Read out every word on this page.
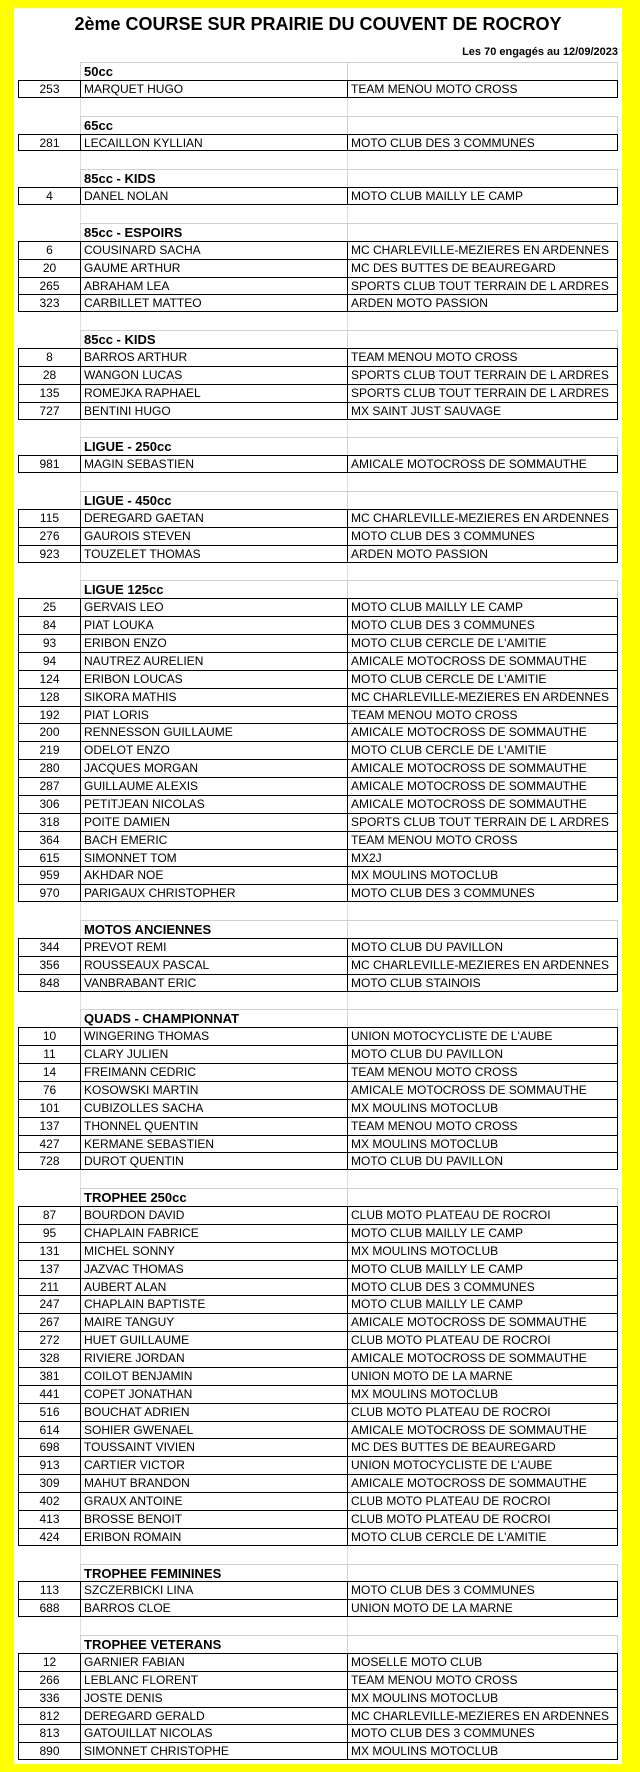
2ème COURSE SUR PRAIRIE DU COUVENT DE ROCROY
Les 70 engagés au 12/09/2023
50cc
253	MARQUET HUGO	TEAM MENOU MOTO CROSS
65cc
281	LECAILLON KYLLIAN	MOTO CLUB DES 3 COMMUNES
85cc - KIDS
4	DANEL NOLAN	MOTO CLUB MAILLY LE CAMP
85cc - ESPOIRS
6	COUSINARD SACHA	MC CHARLEVILLE-MEZIERES EN ARDENNES
20	GAUME ARTHUR	MC DES BUTTES DE BEAUREGARD
265	ABRAHAM LEA	SPORTS CLUB TOUT TERRAIN DE L ARDRES
323	CARBILLET MATTEO	ARDEN MOTO PASSION
85cc - KIDS
8	BARROS ARTHUR	TEAM MENOU MOTO CROSS
28	WANGON LUCAS	SPORTS CLUB TOUT TERRAIN DE L ARDRES
135	ROMEJKA RAPHAEL	SPORTS CLUB TOUT TERRAIN DE L ARDRES
727	BENTINI HUGO	MX SAINT JUST SAUVAGE
LIGUE - 250cc
981	MAGIN SEBASTIEN	AMICALE MOTOCROSS DE SOMMAUTHE
LIGUE - 450cc
115	DEREGARD GAETAN	MC CHARLEVILLE-MEZIERES EN ARDENNES
276	GAUROIS STEVEN	MOTO CLUB DES 3 COMMUNES
923	TOUZELET THOMAS	ARDEN MOTO PASSION
LIGUE 125cc
25	GERVAIS LEO	MOTO CLUB MAILLY LE CAMP
84	PIAT LOUKA	MOTO CLUB DES 3 COMMUNES
93	ERIBON ENZO	MOTO CLUB CERCLE DE L'AMITIE
94	NAUTREZ AURELIEN	AMICALE MOTOCROSS DE SOMMAUTHE
124	ERIBON LOUCAS	MOTO CLUB CERCLE DE L'AMITIE
128	SIKORA MATHIS	MC CHARLEVILLE-MEZIERES EN ARDENNES
192	PIAT LORIS	TEAM MENOU MOTO CROSS
200	RENNESSON GUILLAUME	AMICALE MOTOCROSS DE SOMMAUTHE
219	ODELOT ENZO	MOTO CLUB CERCLE DE L'AMITIE
280	JACQUES MORGAN	AMICALE MOTOCROSS DE SOMMAUTHE
287	GUILLAUME ALEXIS	AMICALE MOTOCROSS DE SOMMAUTHE
306	PETITJEAN NICOLAS	AMICALE MOTOCROSS DE SOMMAUTHE
318	POITE DAMIEN	SPORTS CLUB TOUT TERRAIN DE L ARDRES
364	BACH EMERIC	TEAM MENOU MOTO CROSS
615	SIMONNET TOM	MX2J
959	AKHDAR NOE	MX MOULINS MOTOCLUB
970	PARIGAUX CHRISTOPHER	MOTO CLUB DES 3 COMMUNES
MOTOS ANCIENNES
344	PREVOT REMI	MOTO CLUB DU PAVILLON
356	ROUSSEAUX PASCAL	MC CHARLEVILLE-MEZIERES EN ARDENNES
848	VANBRABANT ERIC	MOTO CLUB STAINOIS
QUADS - CHAMPIONNAT
10	WINGERING THOMAS	UNION MOTOCYCLISTE DE L'AUBE
11	CLARY JULIEN	MOTO CLUB DU PAVILLON
14	FREIMANN CEDRIC	TEAM MENOU MOTO CROSS
76	KOSOWSKI MARTIN	AMICALE MOTOCROSS DE SOMMAUTHE
101	CUBIZOLLES SACHA	MX MOULINS MOTOCLUB
137	THONNEL QUENTIN	TEAM MENOU MOTO CROSS
427	KERMANE SEBASTIEN	MX MOULINS MOTOCLUB
728	DUROT QUENTIN	MOTO CLUB DU PAVILLON
TROPHEE 250cc
87	BOURDON DAVID	CLUB MOTO PLATEAU DE ROCROI
95	CHAPLAIN FABRICE	MOTO CLUB MAILLY LE CAMP
131	MICHEL SONNY	MX MOULINS MOTOCLUB
137	JAZVAC THOMAS	MOTO CLUB MAILLY LE CAMP
211	AUBERT ALAN	MOTO CLUB DES 3 COMMUNES
247	CHAPLAIN BAPTISTE	MOTO CLUB MAILLY LE CAMP
267	MAIRE TANGUY	AMICALE MOTOCROSS DE SOMMAUTHE
272	HUET GUILLAUME	CLUB MOTO PLATEAU DE ROCROI
328	RIVIERE JORDAN	AMICALE MOTOCROSS DE SOMMAUTHE
381	COILOT BENJAMIN	UNION MOTO DE LA MARNE
441	COPET JONATHAN	MX MOULINS MOTOCLUB
516	BOUCHAT ADRIEN	CLUB MOTO PLATEAU DE ROCROI
614	SOHIER GWENAEL	AMICALE MOTOCROSS DE SOMMAUTHE
698	TOUSSAINT VIVIEN	MC DES BUTTES DE BEAUREGARD
913	CARTIER VICTOR	UNION MOTOCYCLISTE DE L'AUBE
309	MAHUT BRANDON	AMICALE MOTOCROSS DE SOMMAUTHE
402	GRAUX ANTOINE	CLUB MOTO PLATEAU DE ROCROI
413	BROSSE BENOIT	CLUB MOTO PLATEAU DE ROCROI
424	ERIBON ROMAIN	MOTO CLUB CERCLE DE L'AMITIE
TROPHEE FEMININES
113	SZCZERBICKI LINA	MOTO CLUB DES 3 COMMUNES
688	BARROS CLOE	UNION MOTO DE LA MARNE
TROPHEE VETERANS
12	GARNIER FABIAN	MOSELLE MOTO CLUB
266	LEBLANC FLORENT	TEAM MENOU MOTO CROSS
336	JOSTE DENIS	MX MOULINS MOTOCLUB
812	DEREGARD GERALD	MC CHARLEVILLE-MEZIERES EN ARDENNES
813	GATOUILLAT NICOLAS	MOTO CLUB DES 3 COMMUNES
890	SIMONNET CHRISTOPHE	MX MOULINS MOTOCLUB
